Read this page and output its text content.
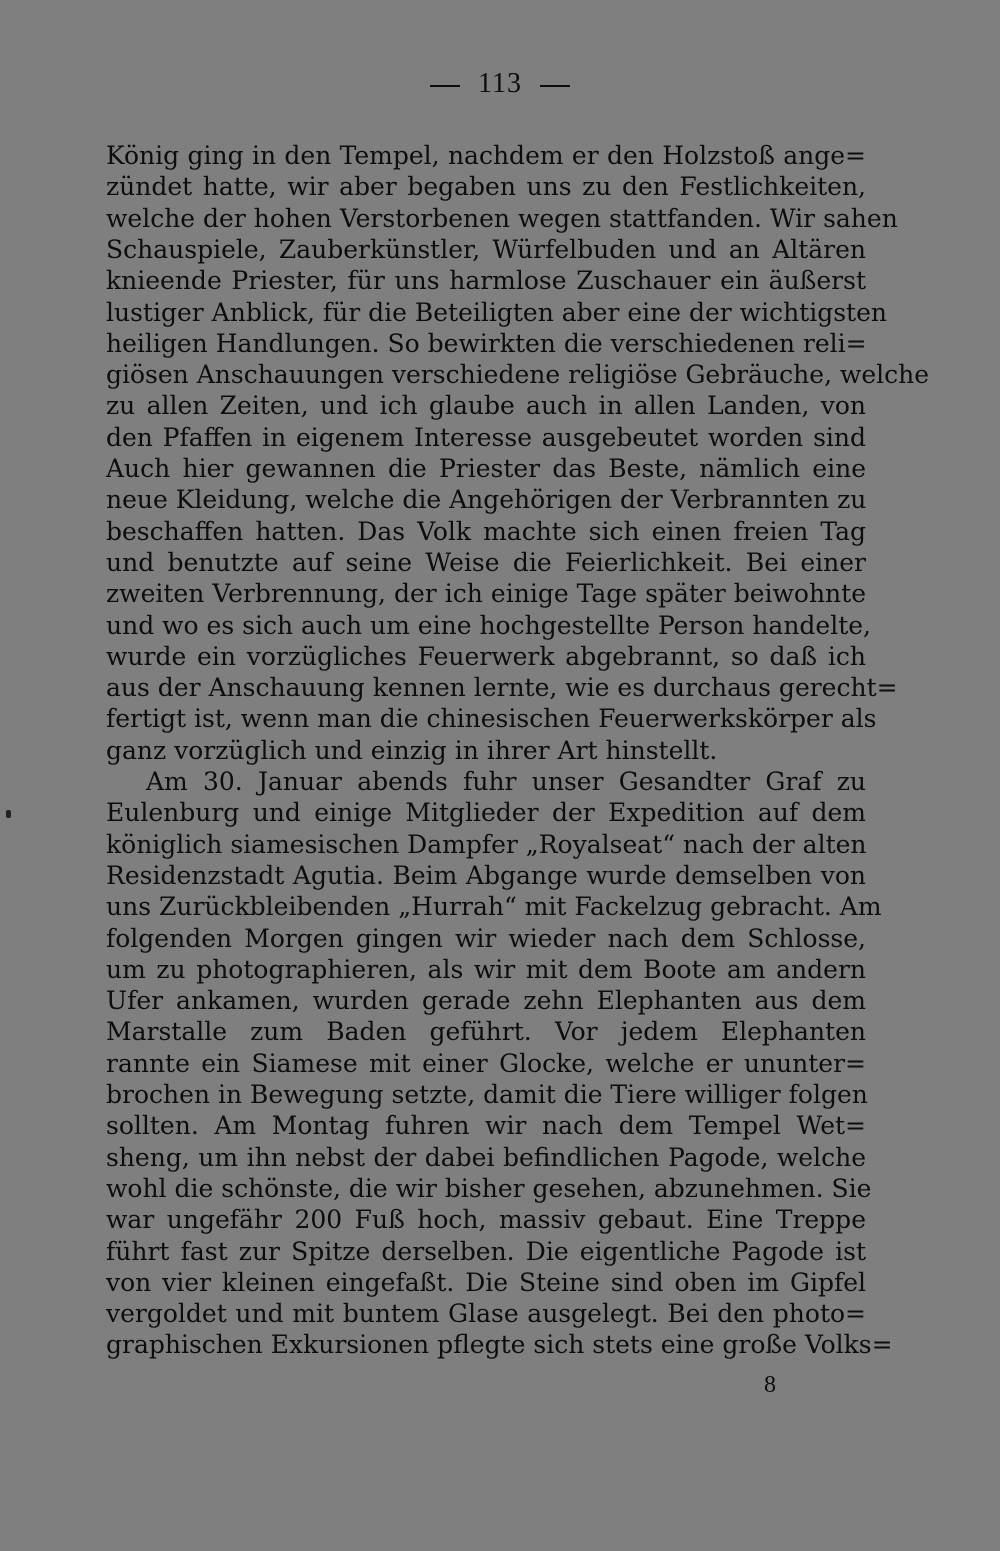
113
König ging in den Tempel, nachdem er den Holzstoß ange=
zündet hatte, wir aber begaben uns zu den Festlichkeiten,
welche der hohen Verstorbenen wegen stattfanden. Wir sahen
Schauspiele, Zauberkünstler, Würfelbuden und an Altären
knieende Priester, für uns harmlose Zuschauer ein äußerst
lustiger Anblick, für die Beteiligten aber eine der wichtigsten
heiligen Handlungen. So bewirkten die verschiedenen reli=
giösen Anschauungen verschiedene religiöse Gebräuche, welche
zu allen Zeiten, und ich glaube auch in allen Landen, von
den Pfaffen in eigenem Interesse ausgebeutet worden sind
Auch hier gewannen die Priester das Beste, nämlich eine
neue Kleidung, welche die Angehörigen der Verbrannten zu
beschaffen hatten. Das Volk machte sich einen freien Tag
und benutzte auf seine Weise die Feierlichkeit. Bei einer
zweiten Verbrennung, der ich einige Tage später beiwohnte
und wo es sich auch um eine hochgestellte Person handelte,
wurde ein vorzügliches Feuerwerk abgebrannt, so daß ich
aus der Anschauung kennen lernte, wie es durchaus gerecht=
fertigt ist, wenn man die chinesischen Feuerwerkskörper als
ganz vorzüglich und einzig in ihrer Art hinstellt.
Am 30. Januar abends fuhr unser Gesandter Graf zu
Eulenburg und einige Mitglieder der Expedition auf dem
königlich siamesischen Dampfer „Royalseat“ nach der alten
Residenzstadt Agutia. Beim Abgange wurde demselben von
uns Zurückbleibenden „Hurrah“ mit Fackelzug gebracht. Am
folgenden Morgen gingen wir wieder nach dem Schlosse,
um zu photographieren, als wir mit dem Boote am andern
Ufer ankamen, wurden gerade zehn Elephanten aus dem
Marstalle zum Baden geführt. Vor jedem Elephanten
rannte ein Siamese mit einer Glocke, welche er ununter=
brochen in Bewegung setzte, damit die Tiere williger folgen
sollten. Am Montag fuhren wir nach dem Tempel Wet=
sheng, um ihn nebst der dabei befindlichen Pagode, welche
wohl die schönste, die wir bisher gesehen, abzunehmen. Sie
war ungefähr 200 Fuß hoch, massiv gebaut. Eine Treppe
führt fast zur Spitze derselben. Die eigentliche Pagode ist
von vier kleinen eingefaßt. Die Steine sind oben im Gipfel
vergoldet und mit buntem Glase ausgelegt. Bei den photo=
graphischen Exkursionen pflegte sich stets eine große Volks=
8
